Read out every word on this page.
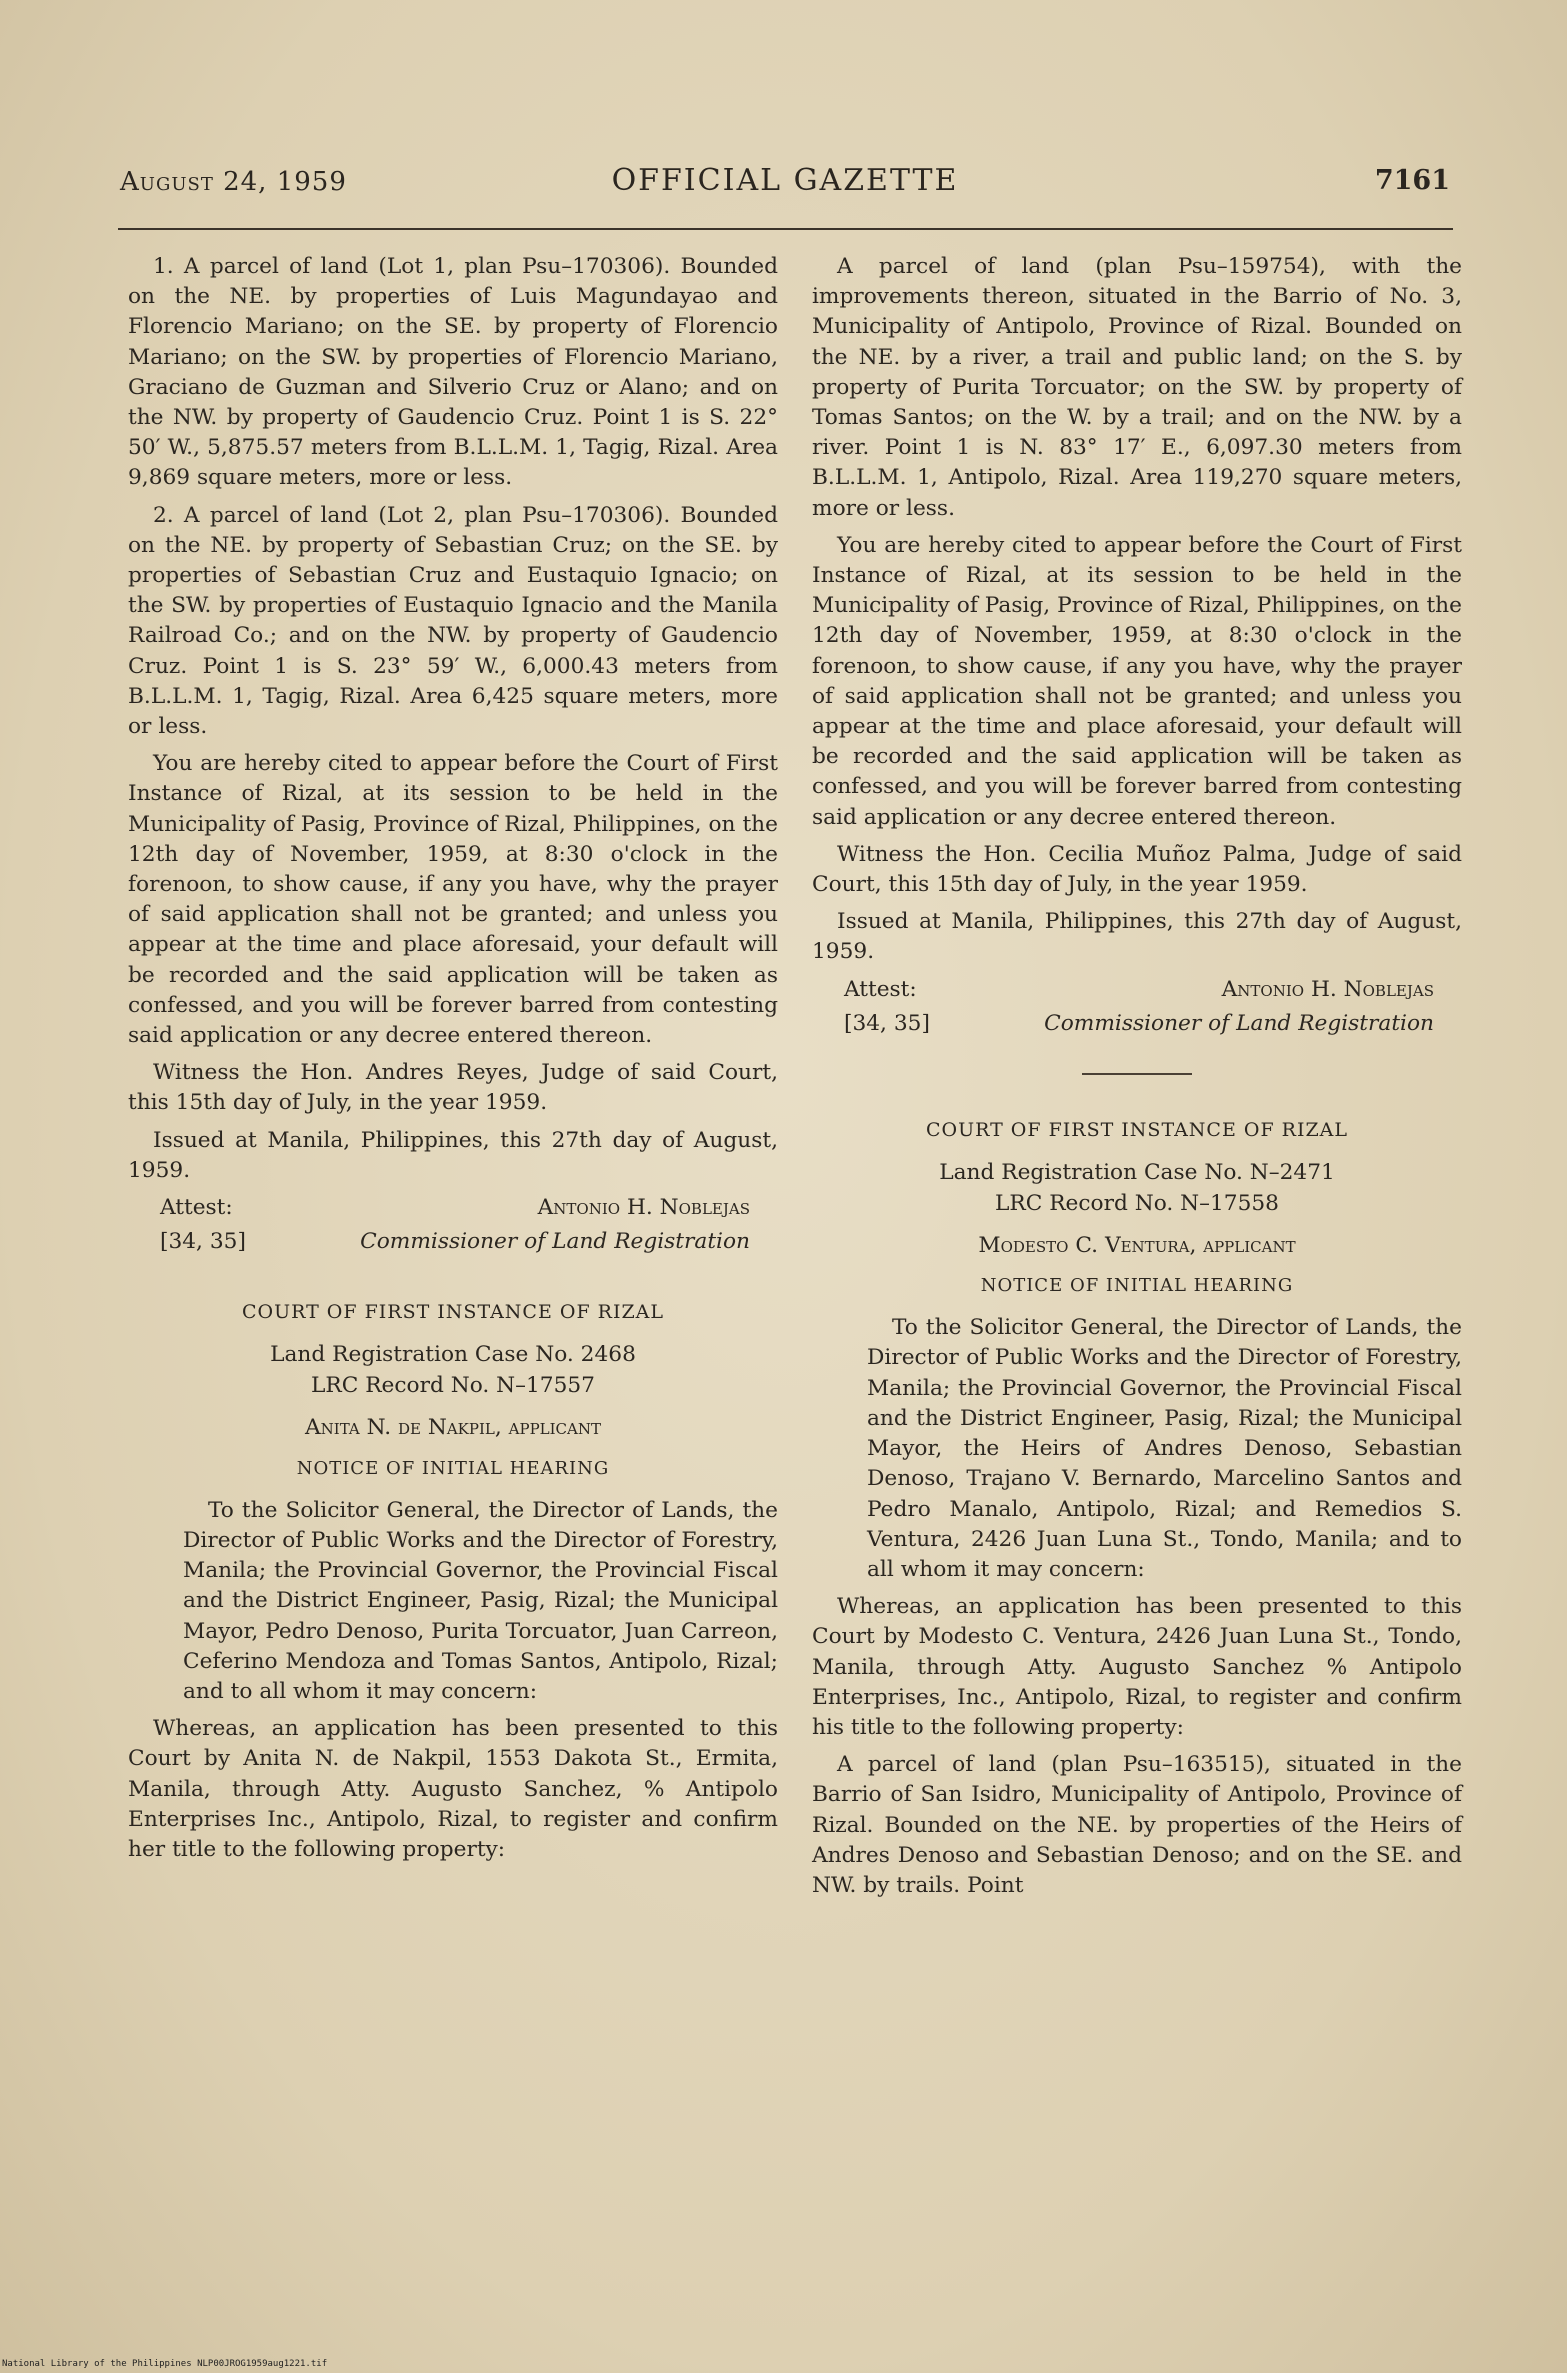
August 24, 1959	OFFICIAL GAZETTE	7161

1. A parcel of land (Lot 1, plan Psu–170306). Bounded on the NE. by properties of Luis Magundayao and Florencio Mariano; on the SE. by property of Florencio Mariano; on the SW. by properties of Florencio Mariano, Graciano de Guzman and Silverio Cruz or Alano; and on the NW. by property of Gaudencio Cruz. Point 1 is S. 22° 50′ W., 5,875.57 meters from B.L.L.M. 1, Tagig, Rizal. Area 9,869 square meters, more or less.

2. A parcel of land (Lot 2, plan Psu–170306). Bounded on the NE. by property of Sebastian Cruz; on the SE. by properties of Sebastian Cruz and Eustaquio Ignacio; on the SW. by properties of Eustaquio Ignacio and the Manila Railroad Co.; and on the NW. by property of Gaudencio Cruz. Point 1 is S. 23° 59′ W., 6,000.43 meters from B.L.L.M. 1, Tagig, Rizal. Area 6,425 square meters, more or less.

You are hereby cited to appear before the Court of First Instance of Rizal, at its session to be held in the Municipality of Pasig, Province of Rizal, Philippines, on the 12th day of November, 1959, at 8:30 o'clock in the forenoon, to show cause, if any you have, why the prayer of said application shall not be granted; and unless you appear at the time and place aforesaid, your default will be recorded and the said application will be taken as confessed, and you will be forever barred from contesting said application or any decree entered thereon.

Witness the Hon. Andres Reyes, Judge of said Court, this 15th day of July, in the year 1959.

Issued at Manila, Philippines, this 27th day of August, 1959.

Attest:	Antonio H. Noblejas
[34, 35]	Commissioner of Land Registration
COURT OF FIRST INSTANCE OF RIZAL
Land Registration Case No. 2468
LRC Record No. N–17557
Anita N. de Nakpil, applicant
NOTICE OF INITIAL HEARING

To the Solicitor General, the Director of Lands, the Director of Public Works and the Director of Forestry, Manila; the Provincial Governor, the Provincial Fiscal and the District Engineer, Pasig, Rizal; the Municipal Mayor, Pedro Denoso, Purita Torcuator, Juan Carreon, Ceferino Mendoza and Tomas Santos, Antipolo, Rizal; and to all whom it may concern:

Whereas, an application has been presented to this Court by Anita N. de Nakpil, 1553 Dakota St., Ermita, Manila, through Atty. Augusto Sanchez, % Antipolo Enterprises Inc., Antipolo, Rizal, to register and confirm her title to the following property:

A parcel of land (plan Psu–159754), with the improvements thereon, situated in the Barrio of No. 3, Municipality of Antipolo, Province of Rizal. Bounded on the NE. by a river, a trail and public land; on the S. by property of Purita Torcuator; on the SW. by property of Tomas Santos; on the W. by a trail; and on the NW. by a river. Point 1 is N. 83° 17′ E., 6,097.30 meters from B.L.L.M. 1, Antipolo, Rizal. Area 119,270 square meters, more or less.

You are hereby cited to appear before the Court of First Instance of Rizal, at its session to be held in the Municipality of Pasig, Province of Rizal, Philippines, on the 12th day of November, 1959, at 8:30 o'clock in the forenoon, to show cause, if any you have, why the prayer of said application shall not be granted; and unless you appear at the time and place aforesaid, your default will be recorded and the said application will be taken as confessed, and you will be forever barred from contesting said application or any decree entered thereon.

Witness the Hon. Cecilia Muñoz Palma, Judge of said Court, this 15th day of July, in the year 1959.

Issued at Manila, Philippines, this 27th day of August, 1959.

Attest:	Antonio H. Noblejas
[34, 35]	Commissioner of Land Registration
COURT OF FIRST INSTANCE OF RIZAL
Land Registration Case No. N–2471
LRC Record No. N–17558
Modesto C. Ventura, applicant
NOTICE OF INITIAL HEARING

To the Solicitor General, the Director of Lands, the Director of Public Works and the Director of Forestry, Manila; the Provincial Governor, the Provincial Fiscal and the District Engineer, Pasig, Rizal; the Municipal Mayor, the Heirs of Andres Denoso, Sebastian Denoso, Trajano V. Bernardo, Marcelino Santos and Pedro Manalo, Antipolo, Rizal; and Remedios S. Ventura, 2426 Juan Luna St., Tondo, Manila; and to all whom it may concern:

Whereas, an application has been presented to this Court by Modesto C. Ventura, 2426 Juan Luna St., Tondo, Manila, through Atty. Augusto Sanchez % Antipolo Enterprises, Inc., Antipolo, Rizal, to register and confirm his title to the following property:

A parcel of land (plan Psu–163515), situated in the Barrio of San Isidro, Municipality of Antipolo, Province of Rizal. Bounded on the NE. by properties of the Heirs of Andres Denoso and Sebastian Denoso; and on the SE. and NW. by trails. Point

National Library of the Philippines NLP00JROG1959aug1221.tif
